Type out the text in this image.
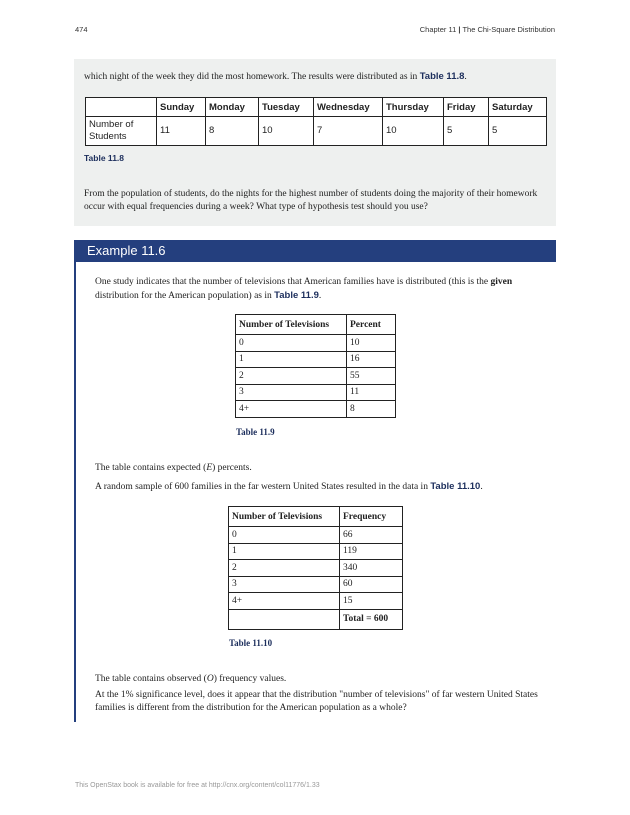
474	Chapter 11 | The Chi-Square Distribution
which night of the week they did the most homework. The results were distributed as in Table 11.8.
	Sunday	Monday	Tuesday	Wednesday	Thursday	Friday	Saturday
Number of
Students	11	8	10	7	10	5	5
Table 11.8
From the population of students, do the nights for the highest number of students doing the majority of their homework occur with equal frequencies during a week? What type of hypothesis test should you use?
Example 11.6
One study indicates that the number of televisions that American families have is distributed (this is the given distribution for the American population) as in Table 11.9.
Number of Televisions	Percent
0	10
1	16
2	55
3	11
4+	8
Table 11.9
The table contains expected (E) percents.
A random sample of 600 families in the far western United States resulted in the data in Table 11.10.
Number of Televisions	Frequency
0	66
1	119
2	340
3	60
4+	15
	Total = 600
Table 11.10
The table contains observed (O) frequency values.
At the 1% significance level, does it appear that the distribution "number of televisions" of far western United States families is different from the distribution for the American population as a whole?
This OpenStax book is available for free at http://cnx.org/content/col11776/1.33
